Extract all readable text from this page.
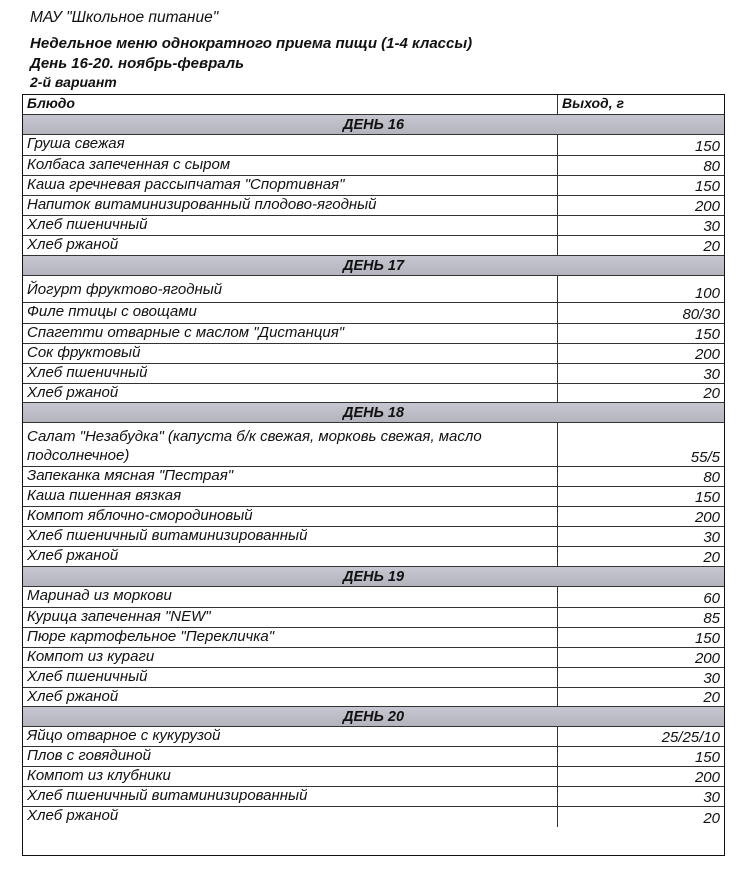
МАУ "Школьное питание"
Недельное меню однократного приема пищи (1-4 классы)
День 16-20. ноябрь-февраль
2-й вариант
Блюдо	Выход, г
ДЕНЬ 16
Груша свежая	150
Колбаса запеченная с сыром	80
Каша гречневая рассыпчатая "Спортивная"	150
Напиток витаминизированный плодово-ягодный	200
Хлеб пшеничный	30
Хлеб ржаной	20
ДЕНЬ 17
Йогурт фруктово-ягодный	100
Филе птицы с овощами	80/30
Спагетти отварные с маслом "Дистанция"	150
Сок фруктовый	200
Хлеб пшеничный	30
Хлеб ржаной	20
ДЕНЬ 18
Салат "Незабудка" (капуста б/к свежая, морковь свежая, масло подсолнечное)	55/5
Запеканка мясная "Пестрая"	80
Каша пшенная вязкая	150
Компот яблочно-смородиновый	200
Хлеб пшеничный витаминизированный	30
Хлеб ржаной	20
ДЕНЬ 19
Маринад из моркови	60
Курица запеченная "NEW"	85
Пюре картофельное "Перекличка"	150
Компот из кураги	200
Хлеб пшеничный	30
Хлеб ржаной	20
ДЕНЬ 20
Яйцо отварное с кукурузой	25/25/10
Плов с говядиной	150
Компот из клубники	200
Хлеб пшеничный витаминизированный	30
Хлеб ржаной	20
